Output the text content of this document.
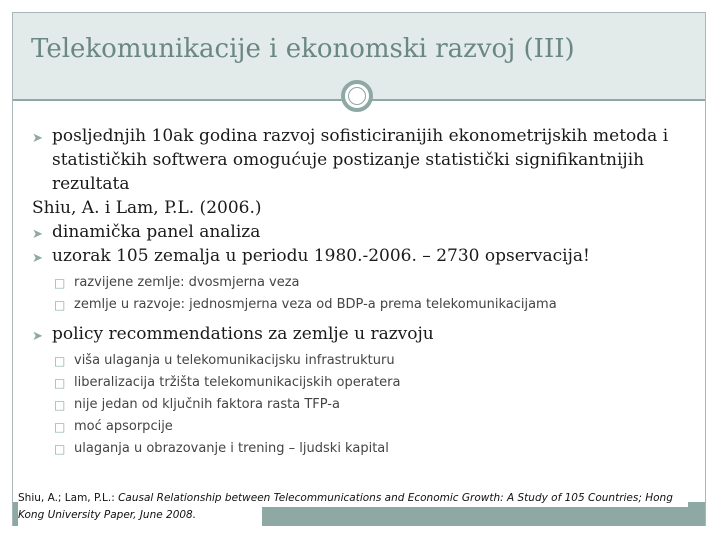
Telekomunikacije i ekonomski razvoj (III)

➤ posljednjih 10ak godina razvoj sofisticiranijih ekonometrijskih metoda i statističkih softwera omogućuje postizanje statistički signifikantnijih rezultata

Shiu, A. i Lam, P.L. (2006.)

➤ dinamička panel analiza

➤ uzorak 105 zemalja u periodu 1980.-2006. – 2730 opservacija!

□ razvijene zemlje: dvosmjerna veza

□ zemlje u razvoje: jednosmjerna veza od BDP-a prema telekomunikacijama

➤ policy recommendations za zemlje u razvoju

□ viša ulaganja u telekomunikacijsku infrastrukturu

□ liberalizacija tržišta telekomunikacijskih operatera

□ nije jedan od ključnih faktora rasta TFP-a

□ moć apsorpcije

□ ulaganja u obrazovanje i trening – ljudski kapital

Shiu, A.; Lam, P.L.: Causal Relationship between Telecommunications and Economic Growth: A Study of 105 Countries; Hong Kong University Paper, June 2008.
